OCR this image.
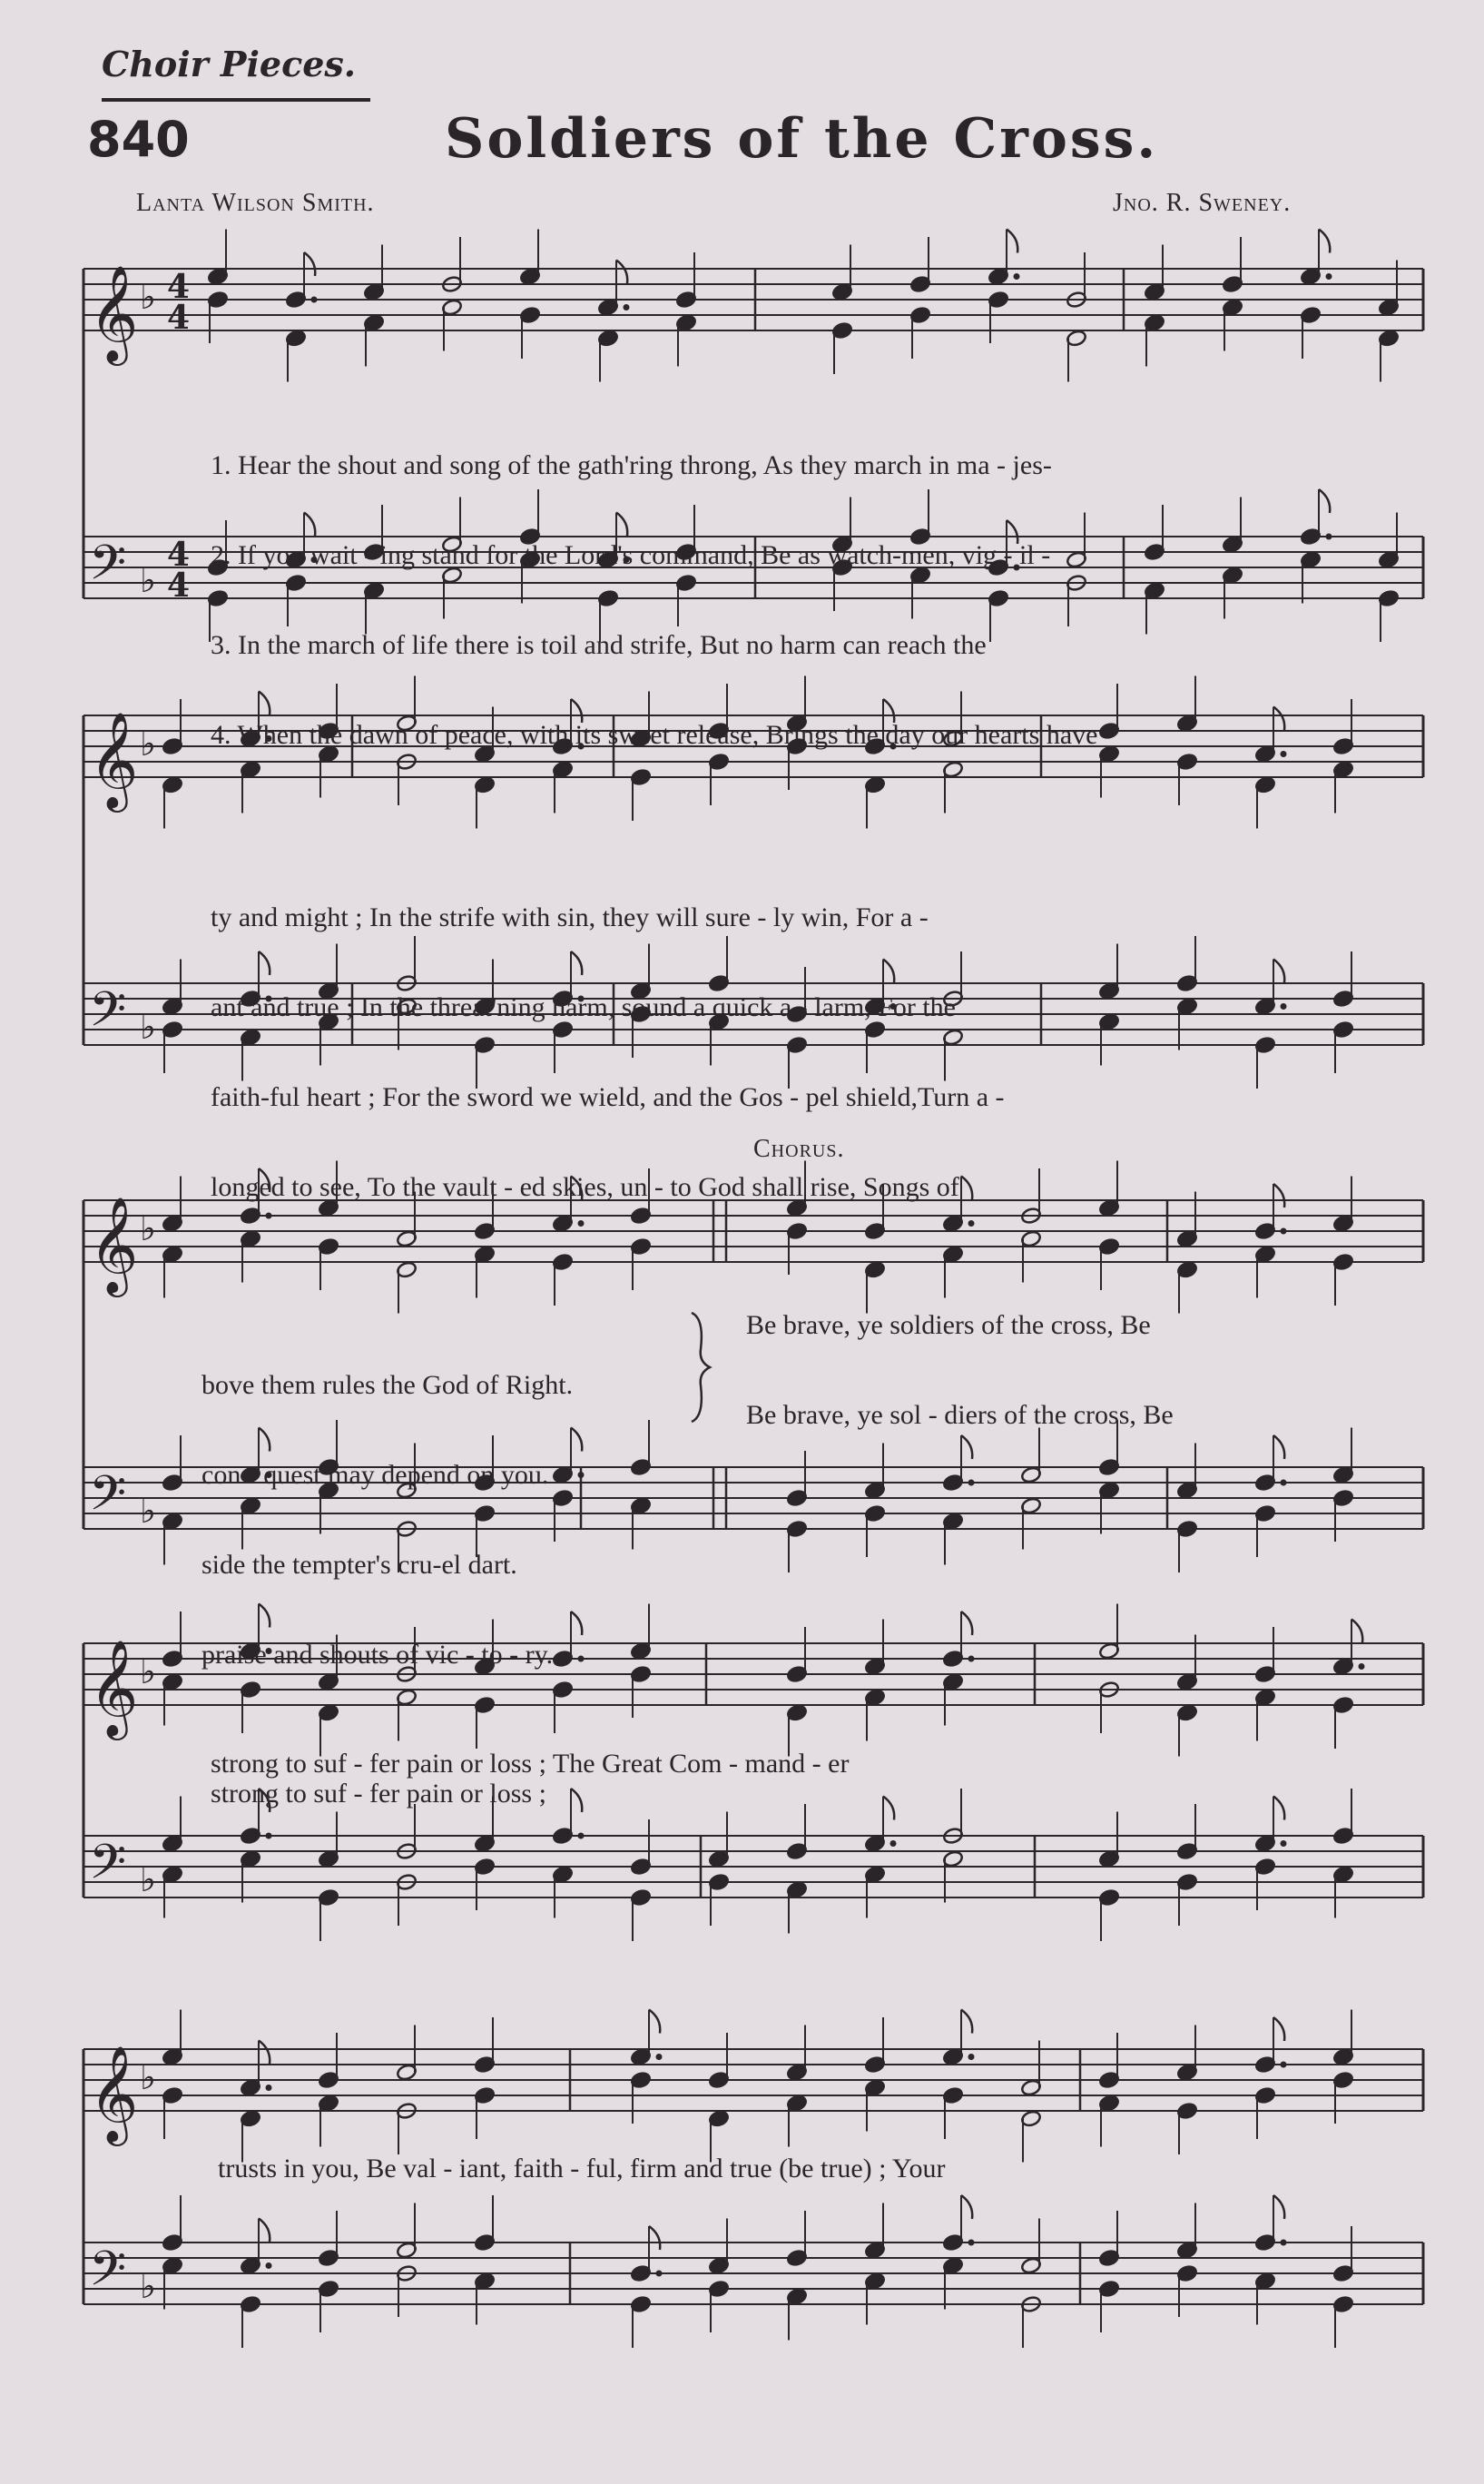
Choir Pieces.
840	Soldiers of the Cross.
Lanta Wilson Smith.	Jno. R. Sweney.
𝄞 ♭ 4
4
𝄢 ♭
4
4
𝄞 ♭
𝄢 ♭
𝄞 ♭
𝄢 ♭
𝄞 ♭
𝄢 ♭
𝄞 ♭
𝄢 ♭

1. Hear the shout and song of the gath'ring throng, As they march in ma - jes-

2. If you wait - ing stand for the Lord's command, Be as watch-men, vig - il -

3. In the march of life there is toil and strife, But no harm can reach the

4. When the dawn of peace, with its sweet release, Brings the day our hearts have

ty and might ; In the strife with sin, they will sure - ly win, For a -

ant and true ; In the threat'ning harm, sound a quick a - larm, For the

faith-ful heart ; For the sword we wield, and the Gos - pel shield,Turn a -

longed to see, To the vault - ed skies, un - to God shall rise, Songs of

Chorus.

bove them rules the God of Right.

con - quest may depend on you.

side the tempter's cru-el dart.

praise and shouts of vic - to - ry.

Be brave, ye soldiers of the cross, Be
Be brave, ye sol - diers of the cross, Be
strong to suf - fer pain or loss ; The Great Com - mand - er
strong to suf - fer pain or loss ;
trusts in you, Be val - iant, faith - ful, firm and true (be true) ; Your
